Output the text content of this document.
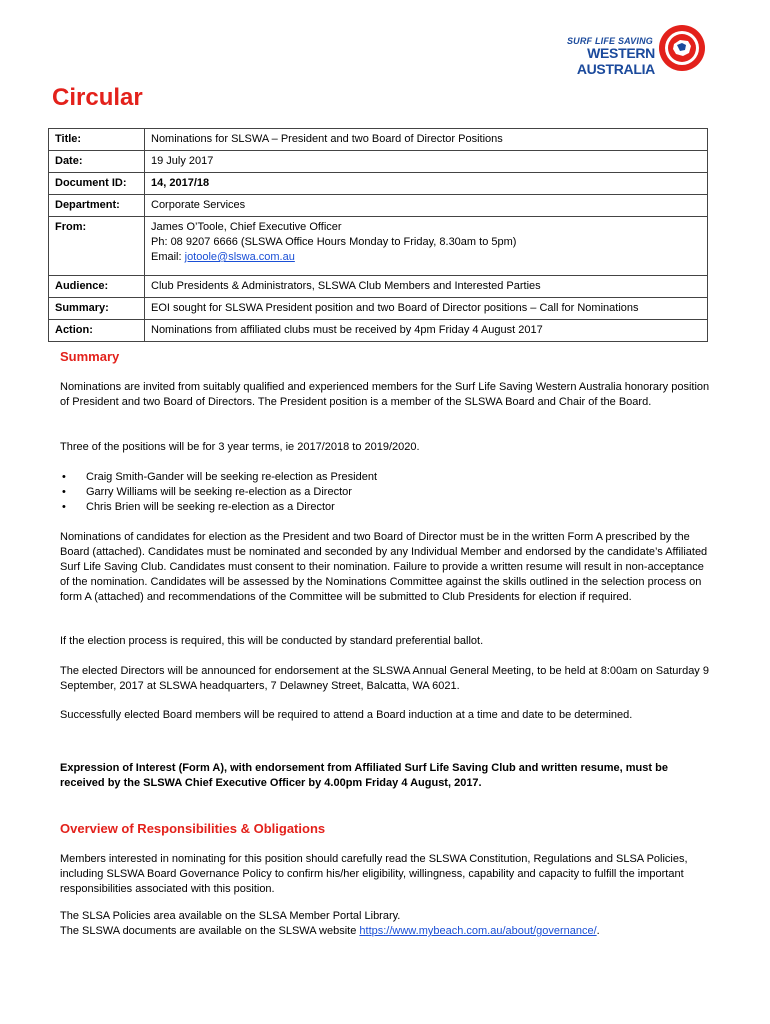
SURF LIFE SAVING
WESTERN AUSTRALIA
Circular
Title:	Nominations for SLSWA – President and two Board of Director Positions
Date:	19 July 2017
Document ID:	14, 2017/18
Department:	Corporate Services
From:	James O’Toole, Chief Executive Officer
Ph: 08 9207 6666 (SLSWA Office Hours Monday to Friday, 8.30am to 5pm)
Email: jotoole@slswa.com.au

Audience:	Club Presidents & Administrators, SLSWA Club Members and Interested Parties
Summary:	EOI sought for SLSWA President position and two Board of Director positions – Call for Nominations
Action:	Nominations from affiliated clubs must be received by 4pm Friday 4 August 2017
Summary

Nominations are invited from suitably qualified and experienced members for the Surf Life Saving Western Australia honorary position of President and two Board of Directors. The President position is a member of the SLSWA Board and Chair of the Board.

Three of the positions will be for 3 year terms, ie 2017/2018 to 2019/2020.

• Craig Smith-Gander will be seeking re-election as President
• Garry Williams will be seeking re-election as a Director
• Chris Brien will be seeking re-election as a Director

Nominations of candidates for election as the President and two Board of Director must be in the written Form A prescribed by the Board (attached). Candidates must be nominated and seconded by any Individual Member and endorsed by the candidate’s Affiliated Surf Life Saving Club. Candidates must consent to their nomination. Failure to provide a written resume will result in non-acceptance of the nomination. Candidates will be assessed by the Nominations Committee against the skills outlined in the selection process on form A (attached) and recommendations of the Committee will be submitted to Club Presidents for election if required.

If the election process is required, this will be conducted by standard preferential ballot.

The elected Directors will be announced for endorsement at the SLSWA Annual General Meeting, to be held at 8:00am on Saturday 9 September, 2017 at SLSWA headquarters, 7 Delawney Street, Balcatta, WA 6021.

Successfully elected Board members will be required to attend a Board induction at a time and date to be determined.

Expression of Interest (Form A), with endorsement from Affiliated Surf Life Saving Club and written resume, must be received by the SLSWA Chief Executive Officer by 4.00pm Friday 4 August, 2017.

Overview of Responsibilities & Obligations

Members interested in nominating for this position should carefully read the SLSWA Constitution, Regulations and SLSA Policies, including SLSWA Board Governance Policy to confirm his/her eligibility, willingness, capability and capacity to fulfill the important responsibilities associated with this position.

The SLSA Policies area available on the SLSA Member Portal Library.
The SLSWA documents are available on the SLSWA website https://www.mybeach.com.au/about/governance/.
